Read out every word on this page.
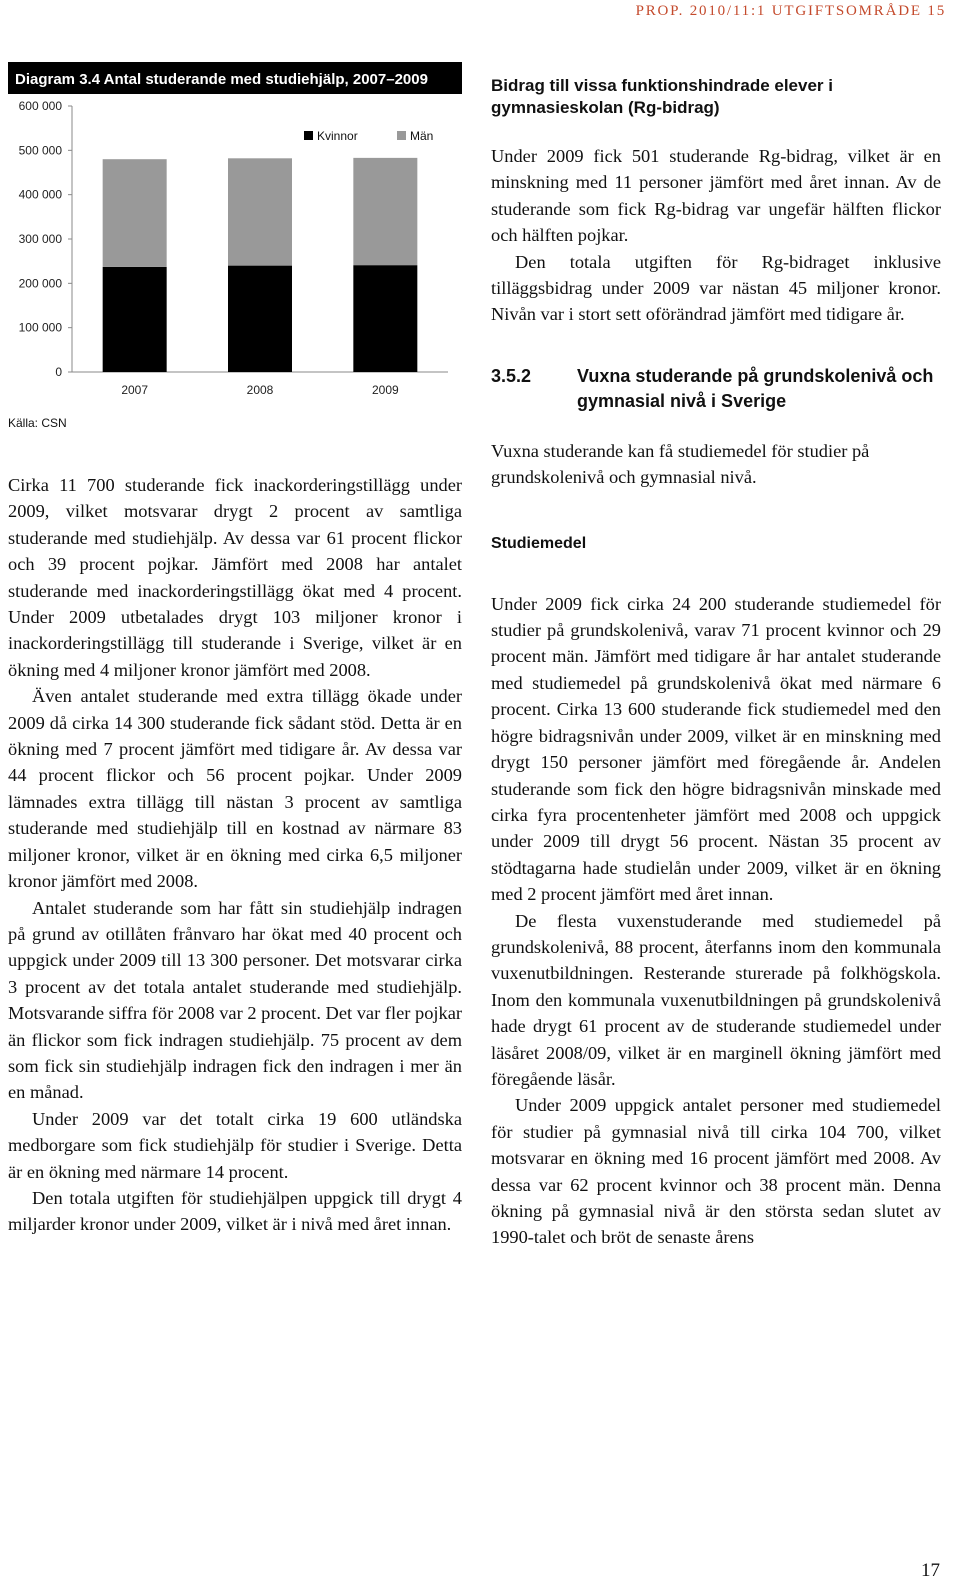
PROP. 2010/11:1 UTGIFTSOMRÅDE 15
Diagram 3.4 Antal studerande med studiehjälp, 2007–2009
600 000
500 000
400 000
300 000
200 000
100 000
0
2007	2008	2009
Kvinnor	Män
Källa: CSN

Cirka 11 700 studerande fick inackorderingstillägg under 2009, vilket motsvarar drygt 2 procent av samtliga studerande med studiehjälp. Av dessa var 61 procent flickor och 39 procent pojkar. Jämfört med 2008 har antalet studerande med inackorderingstillägg ökat med 4 procent. Under 2009 utbetalades drygt 103 miljoner kronor i inackorderingstillägg till studerande i Sverige, vilket är en ökning med 4 miljoner kronor jämfört med 2008.

Även antalet studerande med extra tillägg ökade under 2009 då cirka 14 300 studerande fick sådant stöd. Detta är en ökning med 7 procent jämfört med tidigare år. Av dessa var 44 procent flickor och 56 procent pojkar. Under 2009 lämnades extra tillägg till nästan 3 procent av samtliga studerande med studiehjälp till en kostnad av närmare 83 miljoner kronor, vilket är en ökning med cirka 6,5 miljoner kronor jämfört med 2008.

Antalet studerande som har fått sin studiehjälp indragen på grund av otillåten frånvaro har ökat med 40 procent och uppgick under 2009 till 13 300 personer. Det motsvarar cirka 3 procent av det totala antalet studerande med studiehjälp. Motsvarande siffra för 2008 var 2 procent. Det var fler pojkar än flickor som fick indragen studiehjälp. 75 procent av dem som fick sin studiehjälp indragen fick den indragen i mer än en månad.

Under 2009 var det totalt cirka 19 600 utländska medborgare som fick studiehjälp för studier i Sverige. Detta är en ökning med närmare 14 procent.

Den totala utgiften för studiehjälpen uppgick till drygt 4 miljarder kronor under 2009, vilket är i nivå med året innan.

Bidrag till vissa funktionshindrade elever i gymnasieskolan (Rg-bidrag)

Under 2009 fick 501 studerande Rg-bidrag, vilket är en minskning med 11 personer jämfört med året innan. Av de studerande som fick Rg-bidrag var ungefär hälften flickor och hälften pojkar.

Den totala utgiften för Rg-bidraget inklusive tilläggsbidrag under 2009 var nästan 45 miljoner kronor. Nivån var i stort sett oförändrad jämfört med tidigare år.

3.5.2	Vuxna studerande på grundskolenivå och gymnasial nivå i Sverige

Vuxna studerande kan få studiemedel för studier på grundskolenivå och gymnasial nivå.

Studiemedel

Under 2009 fick cirka 24 200 studerande studiemedel för studier på grundskolenivå, varav 71 procent kvinnor och 29 procent män. Jämfört med tidigare år har antalet studerande med studiemedel på grundskolenivå ökat med närmare 6 procent. Cirka 13 600 studerande fick studiemedel med den högre bidragsnivån under 2009, vilket är en minskning med drygt 150 personer jämfört med föregående år. Andelen studerande som fick den högre bidragsnivån minskade med cirka fyra procentenheter jämfört med 2008 och uppgick under 2009 till drygt 56 procent. Nästan 35 procent av stödtagarna hade studielån under 2009, vilket är en ökning med 2 procent jämfört med året innan.

De flesta vuxenstuderande med studiemedel på grundskolenivå, 88 procent, återfanns inom den kommunala vuxenutbildningen. Resterande sturerade på folkhögskola. Inom den kommunala vuxenutbildningen på grundskolenivå hade drygt 61 procent av de studerande studiemedel under läsåret 2008/09, vilket är en marginell ökning jämfört med föregående läsår.

Under 2009 uppgick antalet personer med studiemedel för studier på gymnasial nivå till cirka 104 700, vilket motsvarar en ökning med 16 procent jämfört med 2008. Av dessa var 62 procent kvinnor och 38 procent män. Denna ökning på gymnasial nivå är den största sedan slutet av 1990-talet och bröt de senaste årens

17
